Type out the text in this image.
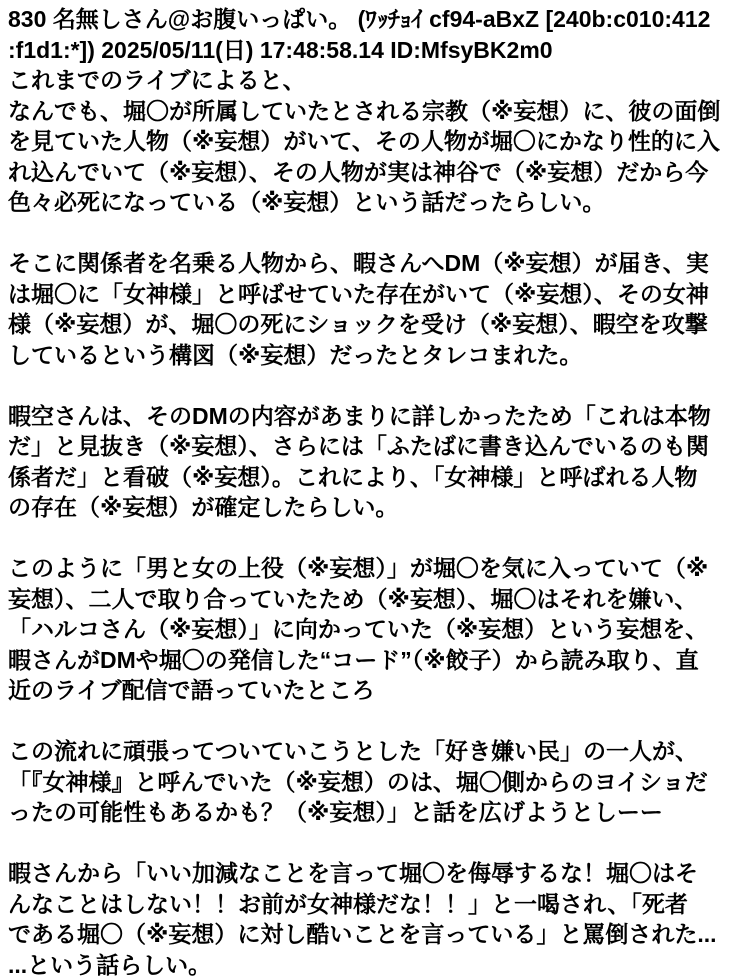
830 名無しさん@お腹いっぱい。 (ﾜｯﾁｮｲ cf94-aBxZ [240b:c010:412
:f1d1:*]) 2025/05/11(日) 17:48:58.14 ID:MfsyBK2m0
これまでのライブによると、
なんでも、堀〇が所属していたとされる宗教（※妄想）に、彼の面倒
を見ていた人物（※妄想）がいて、その人物が堀〇にかなり性的に入
れ込んでいて（※妄想）、その人物が実は神谷で（※妄想）だから今
色々必死になっている（※妄想）という話だったらしい。
そこに関係者を名乗る人物から、暇さんへDM（※妄想）が届き、実
は堀〇に「女神様」と呼ばせていた存在がいて（※妄想）、その女神
様（※妄想）が、堀〇の死にショックを受け（※妄想）、暇空を攻撃
しているという構図（※妄想）だったとタレコまれた。
暇空さんは、そのDMの内容があまりに詳しかったため「これは本物
だ」と見抜き（※妄想）、さらには「ふたばに書き込んでいるのも関
係者だ」と看破（※妄想）。これにより、「女神様」と呼ばれる人物
の存在（※妄想）が確定したらしい。
このように「男と女の上役（※妄想）」が堀〇を気に入っていて（※
妄想）、二人で取り合っていたため（※妄想）、堀〇はそれを嫌い、
「ハルコさん（※妄想）」に向かっていた（※妄想）という妄想を、
暇さんがDMや堀〇の発信した“コード”（※餃子）から読み取り、直
近のライブ配信で語っていたところ
この流れに頑張ってついていこうとした「好き嫌い民」の一人が、
「『女神様』と呼んでいた（※妄想）のは、堀〇側からのヨイショだ
ったの可能性もあるかも？（※妄想）」と話を広げようとしーー
暇さんから「いい加減なことを言って堀〇を侮辱するな！堀〇はそ
んなことはしない！！お前が女神様だな！！」と一喝され、「死者
である堀〇（※妄想）に対し酷いことを言っている」と罵倒された...
...という話らしい。
